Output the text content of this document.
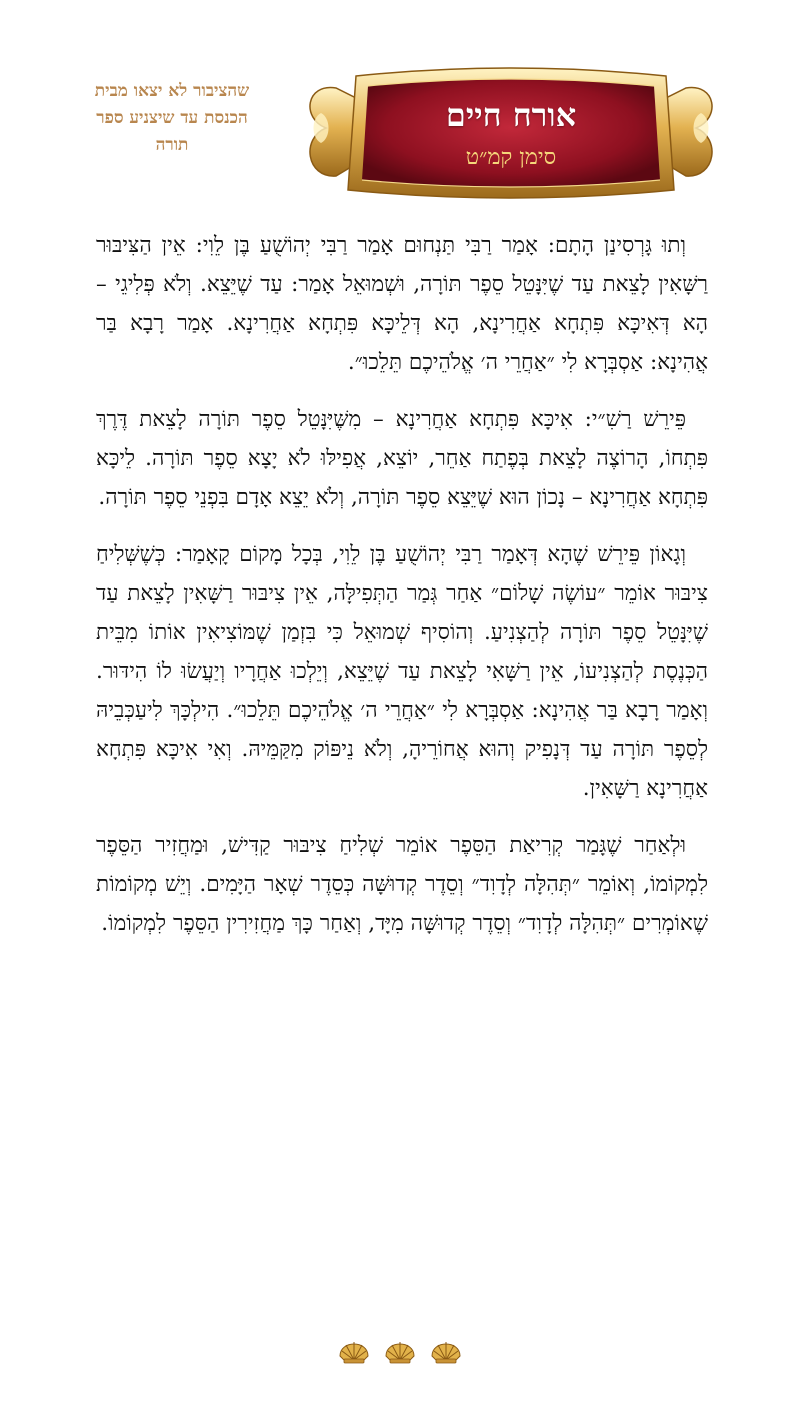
שהציבור לא יצאו מבית הכנסת עד שיצניע ספר תורה
אורח חיים
סימן קמ״ט

וְתוּ גָּרְסִינַן הָתָם: אָמַר רַבִּי תַּנְחוּם אָמַר רַבִּי יְהוֹשֻׁעַ בֶּן לֵוִי: אֵין הַצִּיבּוּר רַשָּׁאִין לָצֵאת עַד שֶׁיִּנָּטֵל סֵפֶר תּוֹרָה, וּשְׁמוּאֵל אָמַר: עַד שֶׁיֵּצֵא. וְלֹא פְּלִיגֵי – הָא דְּאִיכָּא פִּתְחָא אַחֲרִינָא, הָא דְּלֵיכָּא פִּתְחָא אַחֲרִינָא. אָמַר רָבָא בַּר אֲהִינָא: אַסְבְּרָא לִי ״אַחֲרֵי ה׳ אֱלֹהֵיכֶם תֵּלֵכוּ״.

פֵּירֵשׁ רַשִׁ״י: אִיכָּא פִּתְחָא אַחֲרִינָא – מִשֶּׁיִּנָּטֵל סֵפֶר תּוֹרָה לָצֵאת דֶּרֶךְ פִּתְחוֹ, הָרוֹצֶה לָצֵאת בְּפֶתַח אַחֵר, יוֹצֵא, אֲפִילּוּ לֹא יָצָא סֵפֶר תּוֹרָה. לֵיכָּא פִּתְחָא אַחֲרִינָא – נָכוֹן הוּא שֶׁיֵּצֵא סֵפֶר תּוֹרָה, וְלֹא יֵצֵא אָדָם בִּפְנֵי סֵפֶר תּוֹרָה.

וְגָאוֹן פֵּירֵשׁ שֶׁהָא דְּאָמַר רַבִּי יְהוֹשֻׁעַ בֶּן לֵוִי, בְּכָל מָקוֹם קָאָמַר: כְּשֶׁשְּׁלִיחַ צִיבּוּר אוֹמֵר ״עוֹשֶׂה שָׁלוֹם״ אַחַר גְּמַר הַתְּפִילָּה, אֵין צִיבּוּר רַשָּׁאִין לָצֵאת עַד שֶׁיִּנָּטֵל סֵפֶר תּוֹרָה לְהַצְנִיעַ. וְהוֹסִיף שְׁמוּאֵל כִּי בִּזְמַן שֶׁמּוֹצִיאִין אוֹתוֹ מִבֵּית הַכְּנֶסֶת לְהַצְנִיעוֹ, אֵין רַשָּׁאִי לָצֵאת עַד שֶׁיֵּצֵא, וְיֵלְכוּ אַחֲרָיו וְיַעֲשׂוּ לוֹ הִידּוּר. וְאָמַר רָבָא בַּר אֲהִינָא: אַסְבְּרָא לִי ״אַחֲרֵי ה׳ אֱלֹהֵיכֶם תֵּלֵכוּ״. הִילְכָּךְ לִיעַכְּבֵיהּ לְסֵפֶר תּוֹרָה עַד דְּנָפִיק וְהוּא אֲחוֹרֵיהָ, וְלֹא נֵיפּוֹק מִקַּמֵּיהּ. וְאִי אִיכָּא פִּתְחָא אַחֲרִינָא רַשָּׁאִין.

וּלְאַחַר שֶׁגָּמַר קְרִיאַת הַסֵּפֶר אוֹמֵר שְׁלִיחַ צִיבּוּר קַדִּישׁ, וּמַחֲזִיר הַסֵּפֶר לִמְקוֹמוֹ, וְאוֹמֵר ״תְּהִלָּה לְדָוִד״ וְסֵדֶר קְדוּשָּׁה כְּסֵדֶר שְׁאָר הַיָּמִים. וְיֵשׁ מְקוֹמוֹת שֶׁאוֹמְרִים ״תְּהִלָּה לְדָוִד״ וְסֵדֶר קְדוּשָּׁה מִיָּד, וְאַחַר כָּךְ מַחֲזִירִין הַסֵּפֶר לִמְקוֹמוֹ.
